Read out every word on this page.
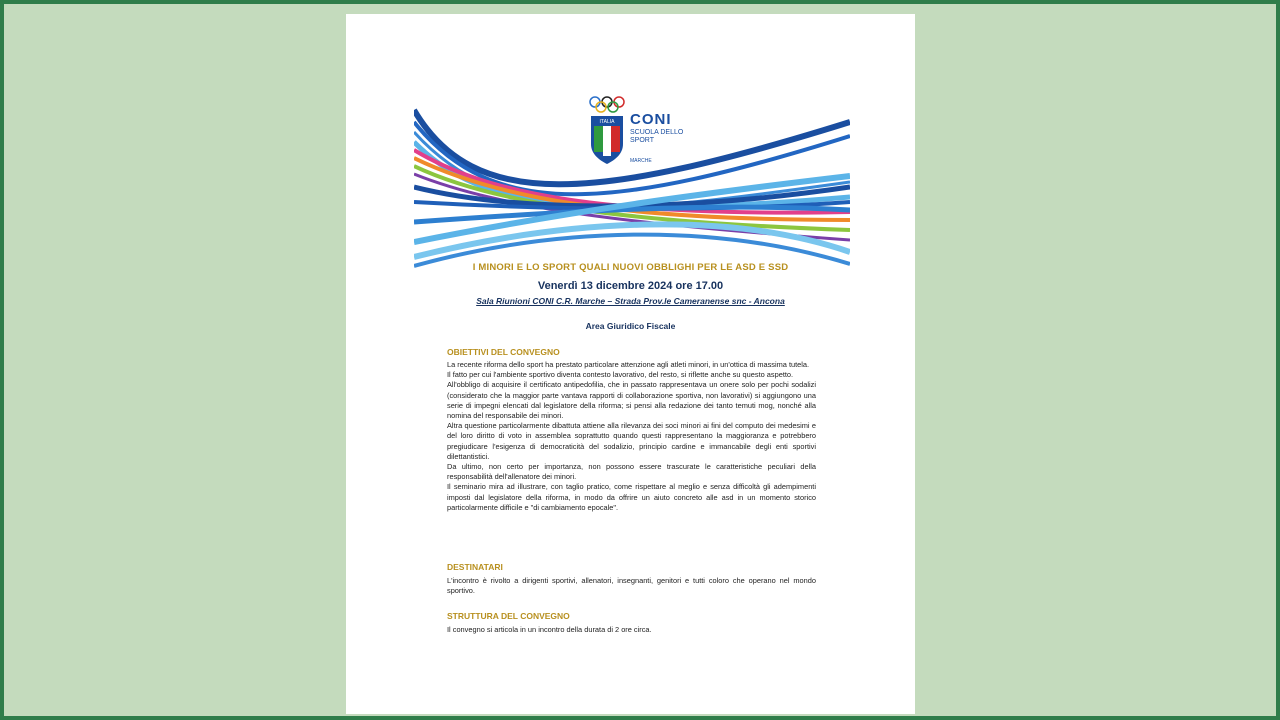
ITALIA CONI
SCUOLA DELLO SPORT
MARCHE
I MINORI E LO SPORT QUALI NUOVI OBBLIGHI PER LE ASD E SSD
Venerdì 13 dicembre 2024 ore 17.00
Sala Riunioni CONI C.R. Marche – Strada Prov.le Cameranense snc - Ancona
Area Giuridico Fiscale
OBIETTIVI DEL CONVEGNO

La recente riforma dello sport ha prestato particolare attenzione agli atleti minori, in un'ottica di massima tutela.

Il fatto per cui l'ambiente sportivo diventa contesto lavorativo, del resto, si riflette anche su questo aspetto.

All'obbligo di acquisire il certificato antipedofilia, che in passato rappresentava un onere solo per pochi sodalizi (considerato che la maggior parte vantava rapporti di collaborazione sportiva, non lavorativi) si aggiungono una serie di impegni elencati dal legislatore della riforma; si pensi alla redazione dei tanto temuti mog, nonché alla nomina del responsabile dei minori.

Altra questione particolarmente dibattuta attiene alla rilevanza dei soci minori ai fini del computo dei medesimi e del loro diritto di voto in assemblea soprattutto quando questi rappresentano la maggioranza e potrebbero pregiudicare l'esigenza di democraticità del sodalizio, principio cardine e immancabile degli enti sportivi dilettantistici.

Da ultimo, non certo per importanza, non possono essere trascurate le caratteristiche peculiari della responsabilità dell'allenatore dei minori.

Il seminario mira ad illustrare, con taglio pratico, come rispettare al meglio e senza difficoltà gli adempimenti imposti dal legislatore della riforma, in modo da offrire un aiuto concreto alle asd in un momento storico particolarmente difficile e "di cambiamento epocale".

DESTINATARI
L'incontro è rivolto a dirigenti sportivi, allenatori, insegnanti, genitori e tutti coloro che operano nel mondo sportivo.
STRUTTURA DEL CONVEGNO
Il convegno si articola in un incontro della durata di 2 ore circa.
